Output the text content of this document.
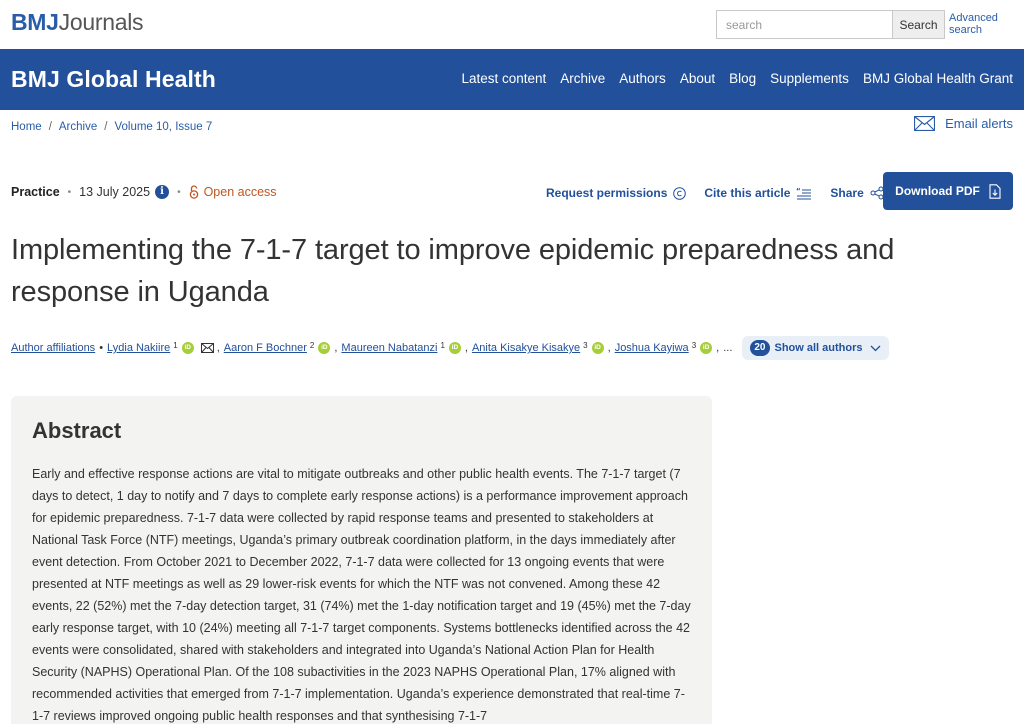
BMJJournals
search	Search	Advanced search
BMJ Global Health	Latest content Archive Authors About Blog Supplements BMJ Global Health Grant
Home / Archive / Volume 10, Issue 7	Email alerts
Practice • 13 July 2025	i	• Open access	Request permissions	Cite this article “ Share	Download PDF
Implementing the 7-1-7 target to improve epidemic preparedness and response in Uganda
Author affiliations • Lydia Nakiire $^1$	iD , Aaron F Bochner $^2$	iD , Maureen Nabatanzi $^1$	iD , Anita Kisakye Kisakye $^3$	iD , Joshua Kayiwa $^3$	iD , ...	20 Show all authors
Abstract

Early and effective response actions are vital to mitigate outbreaks and other public health events. The 7-1-7 target (7 days to detect, 1 day to notify and 7 days to complete early response actions) is a performance improvement approach for epidemic preparedness. 7-1-7 data were collected by rapid response teams and presented to stakeholders at National Task Force (NTF) meetings, Uganda’s primary outbreak coordination platform, in the days immediately after event detection. From October 2021 to December 2022, 7-1-7 data were collected for 13 ongoing events that were presented at NTF meetings as well as 29 lower-risk events for which the NTF was not convened. Among these 42 events, 22 (52%) met the 7-day detection target, 31 (74%) met the 1-day notification target and 19 (45%) met the 7-day early response target, with 10 (24%) meeting all 7-1-7 target components. Systems bottlenecks identified across the 42 events were consolidated, shared with stakeholders and integrated into Uganda’s National Action Plan for Health Security (NAPHS) Operational Plan. Of the 108 subactivities in the 2023 NAPHS Operational Plan, 17% aligned with recommended activities that emerged from 7-1-7 implementation. Uganda’s experience demonstrated that real-time 7-1-7 reviews improved ongoing public health responses and that synthesising 7-1-7
